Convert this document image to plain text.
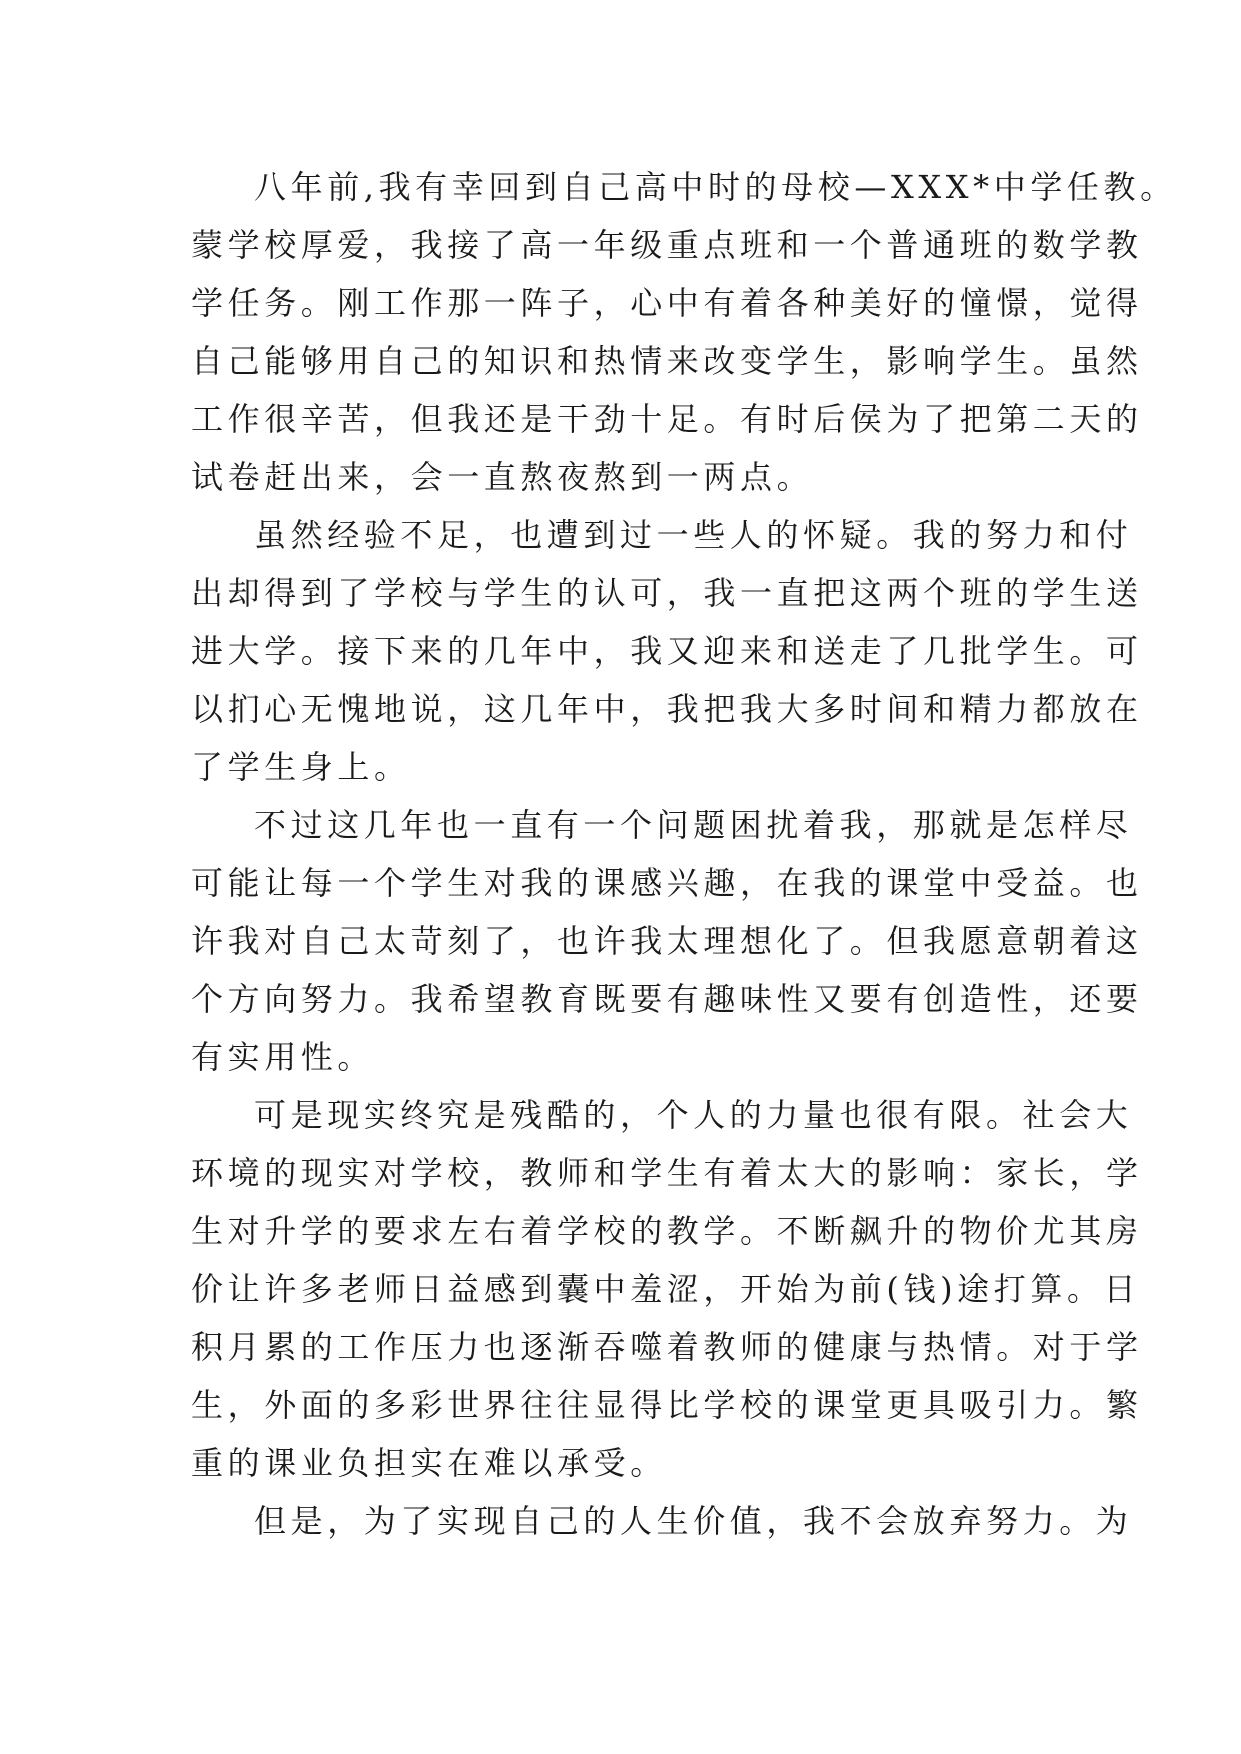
八年前,我有幸回到自己高中时的母校—XXX*中学任教。
蒙学校厚爱，我接了高一年级重点班和一个普通班的数学教
学任务。刚工作那一阵子，心中有着各种美好的憧憬，觉得
自己能够用自己的知识和热情来改变学生，影响学生。虽然
工作很辛苦，但我还是干劲十足。有时后侯为了把第二天的
试卷赶出来，会一直熬夜熬到一两点。
虽然经验不足，也遭到过一些人的怀疑。我的努力和付
出却得到了学校与学生的认可，我一直把这两个班的学生送
进大学。接下来的几年中，我又迎来和送走了几批学生。可
以扪心无愧地说，这几年中，我把我大多时间和精力都放在
了学生身上。
不过这几年也一直有一个问题困扰着我，那就是怎样尽
可能让每一个学生对我的课感兴趣，在我的课堂中受益。也
许我对自己太苛刻了，也许我太理想化了。但我愿意朝着这
个方向努力。我希望教育既要有趣味性又要有创造性，还要
有实用性。
可是现实终究是残酷的，个人的力量也很有限。社会大
环境的现实对学校，教师和学生有着太大的影响：家长，学
生对升学的要求左右着学校的教学。不断飙升的物价尤其房
价让许多老师日益感到囊中羞涩，开始为前(钱)途打算。日
积月累的工作压力也逐渐吞噬着教师的健康与热情。对于学
生，外面的多彩世界往往显得比学校的课堂更具吸引力。繁
重的课业负担实在难以承受。
但是，为了实现自己的人生价值，我不会放弃努力。为
